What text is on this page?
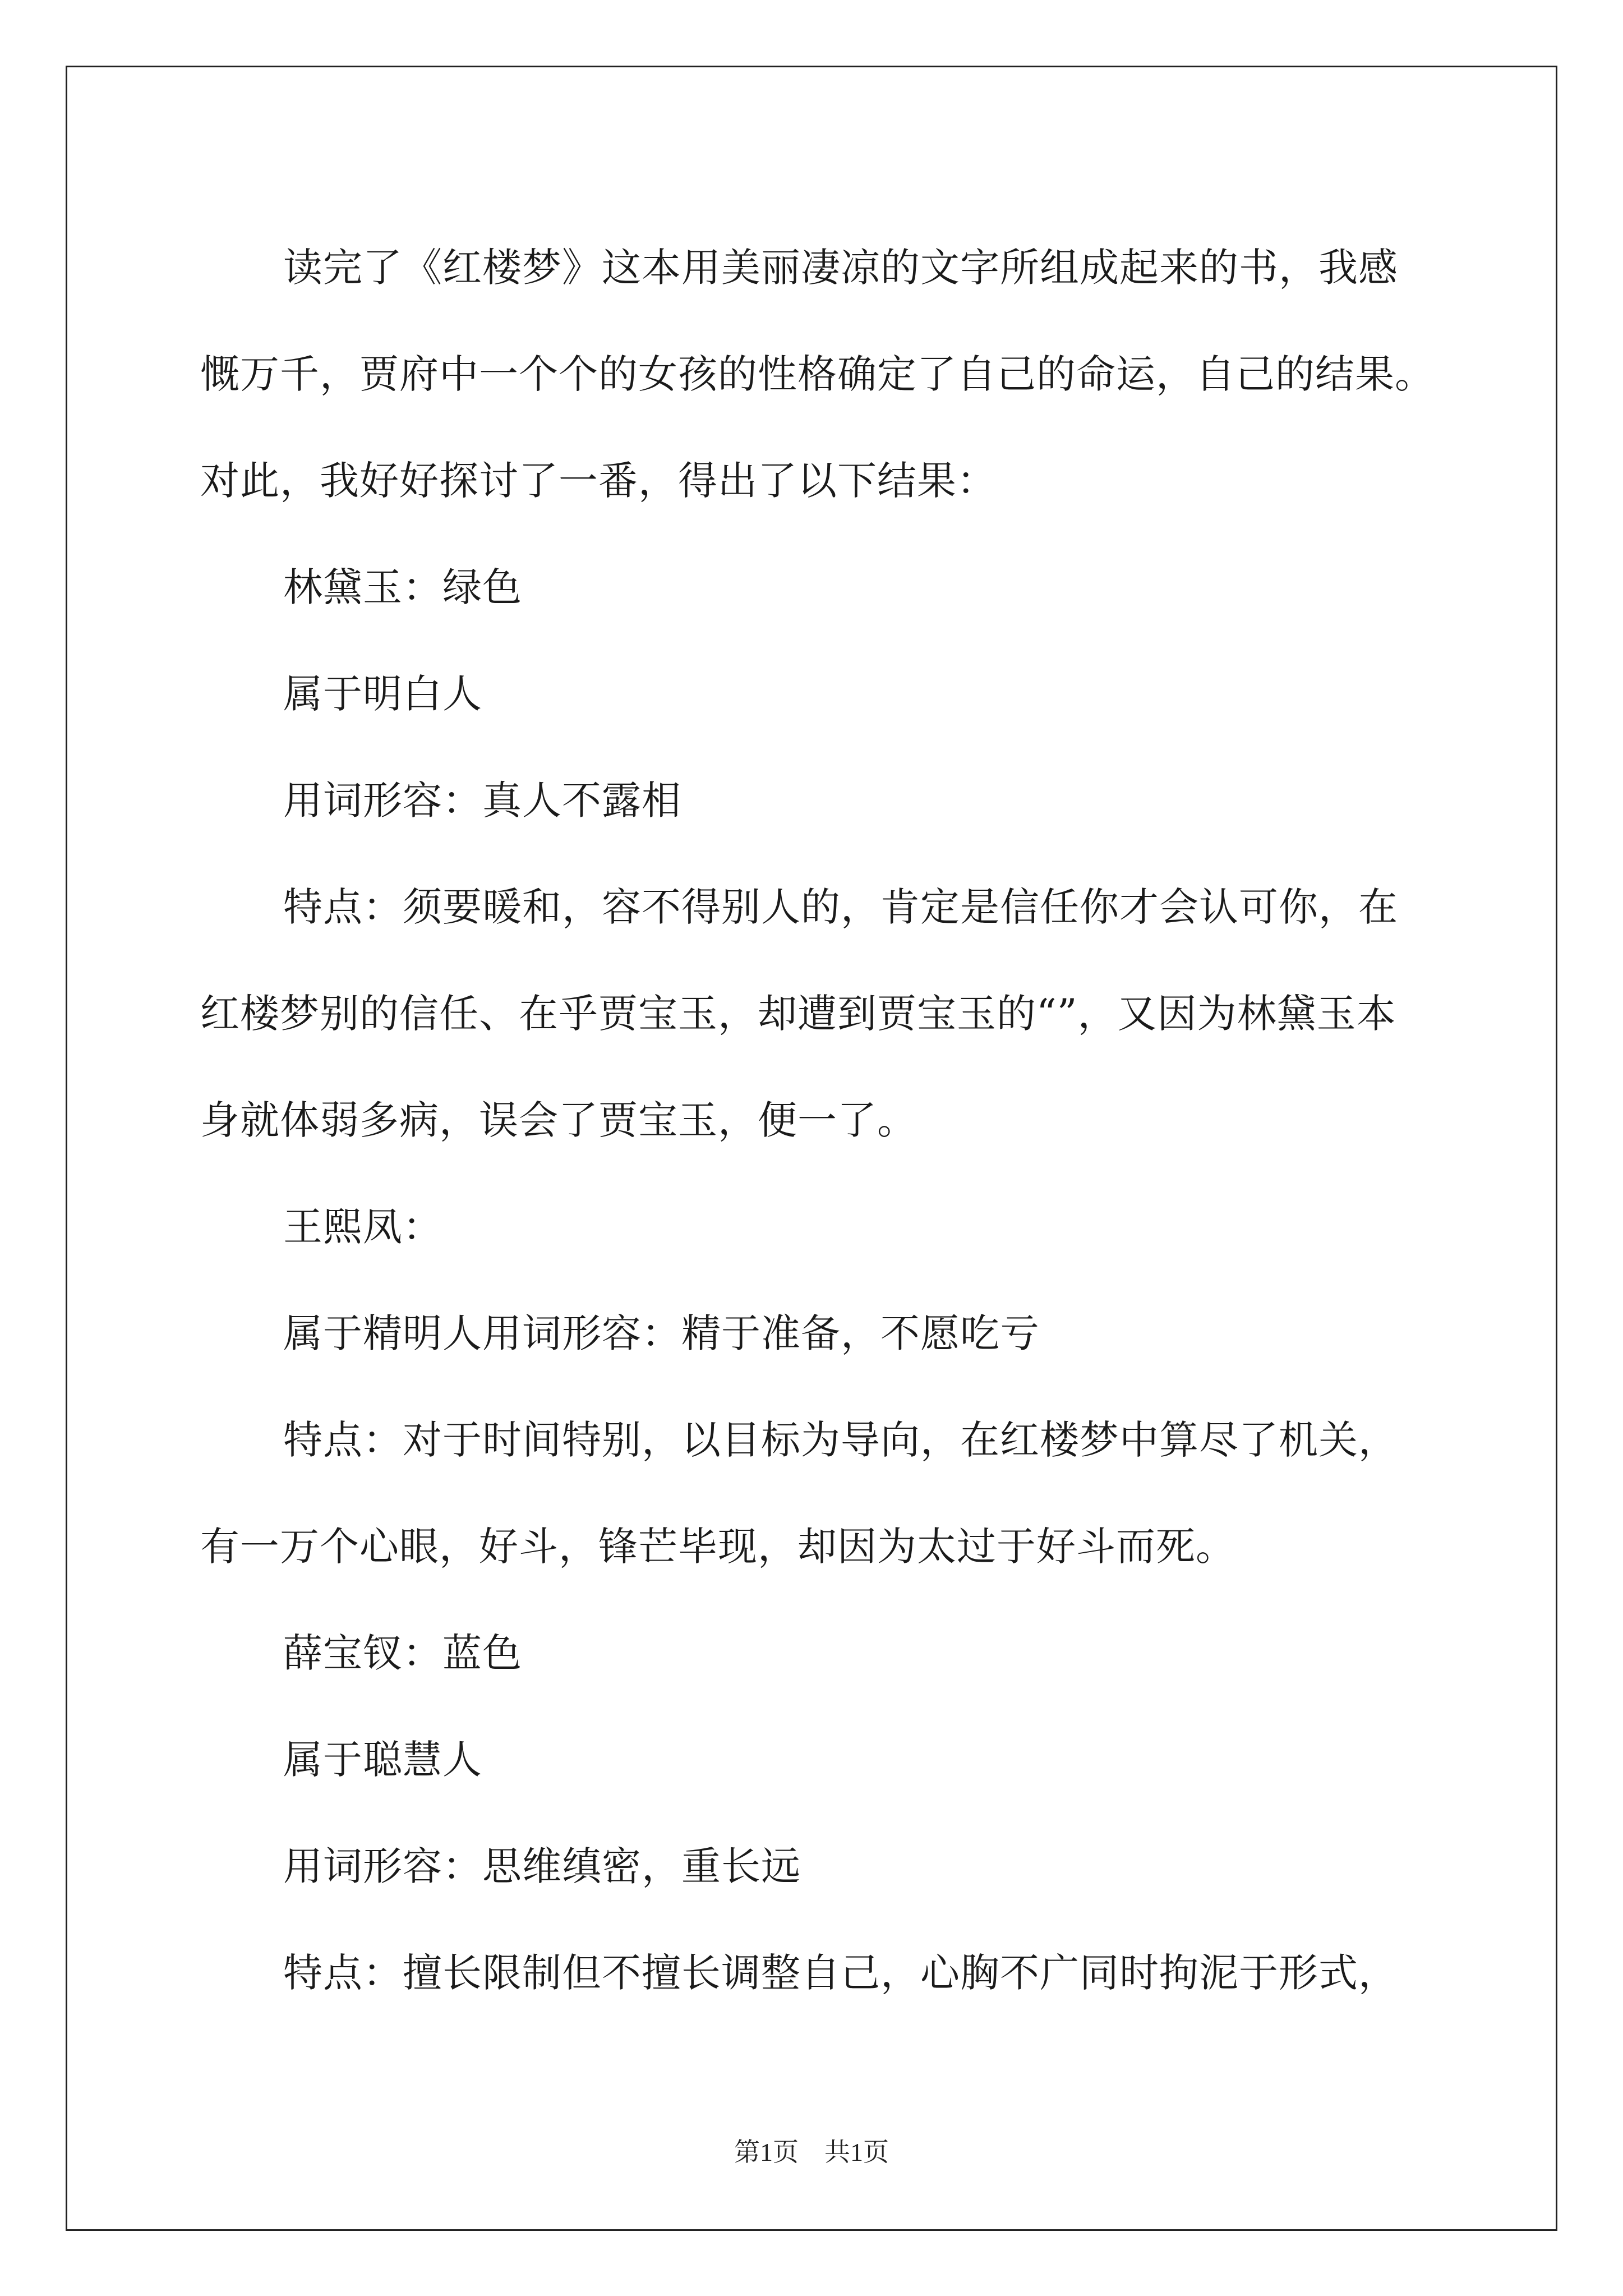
读完了《红楼梦》这本用美丽凄凉的文字所组成起来的书，我感
慨万千，贾府中一个个的女孩的性格确定了自己的命运，自己的结果。
对此，我好好探讨了一番，得出了以下结果：

林黛玉：绿色

属于明白人

用词形容：真人不露相

特点：须要暖和，容不得别人的，肯定是信任你才会认可你，在
红楼梦别的信任、在乎贾宝玉，却遭到贾宝玉的“”，又因为林黛玉本
身就体弱多病，误会了贾宝玉，便一了。

王熙凤：

属于精明人用词形容：精于准备，不愿吃亏

特点：对于时间特别，以目标为导向，在红楼梦中算尽了机关，
有一万个心眼，好斗，锋芒毕现，却因为太过于好斗而死。

薛宝钗：蓝色

属于聪慧人

用词形容：思维缜密，重长远

特点：擅长限制但不擅长调整自己，心胸不广同时拘泥于形式，

第1页 共1页
